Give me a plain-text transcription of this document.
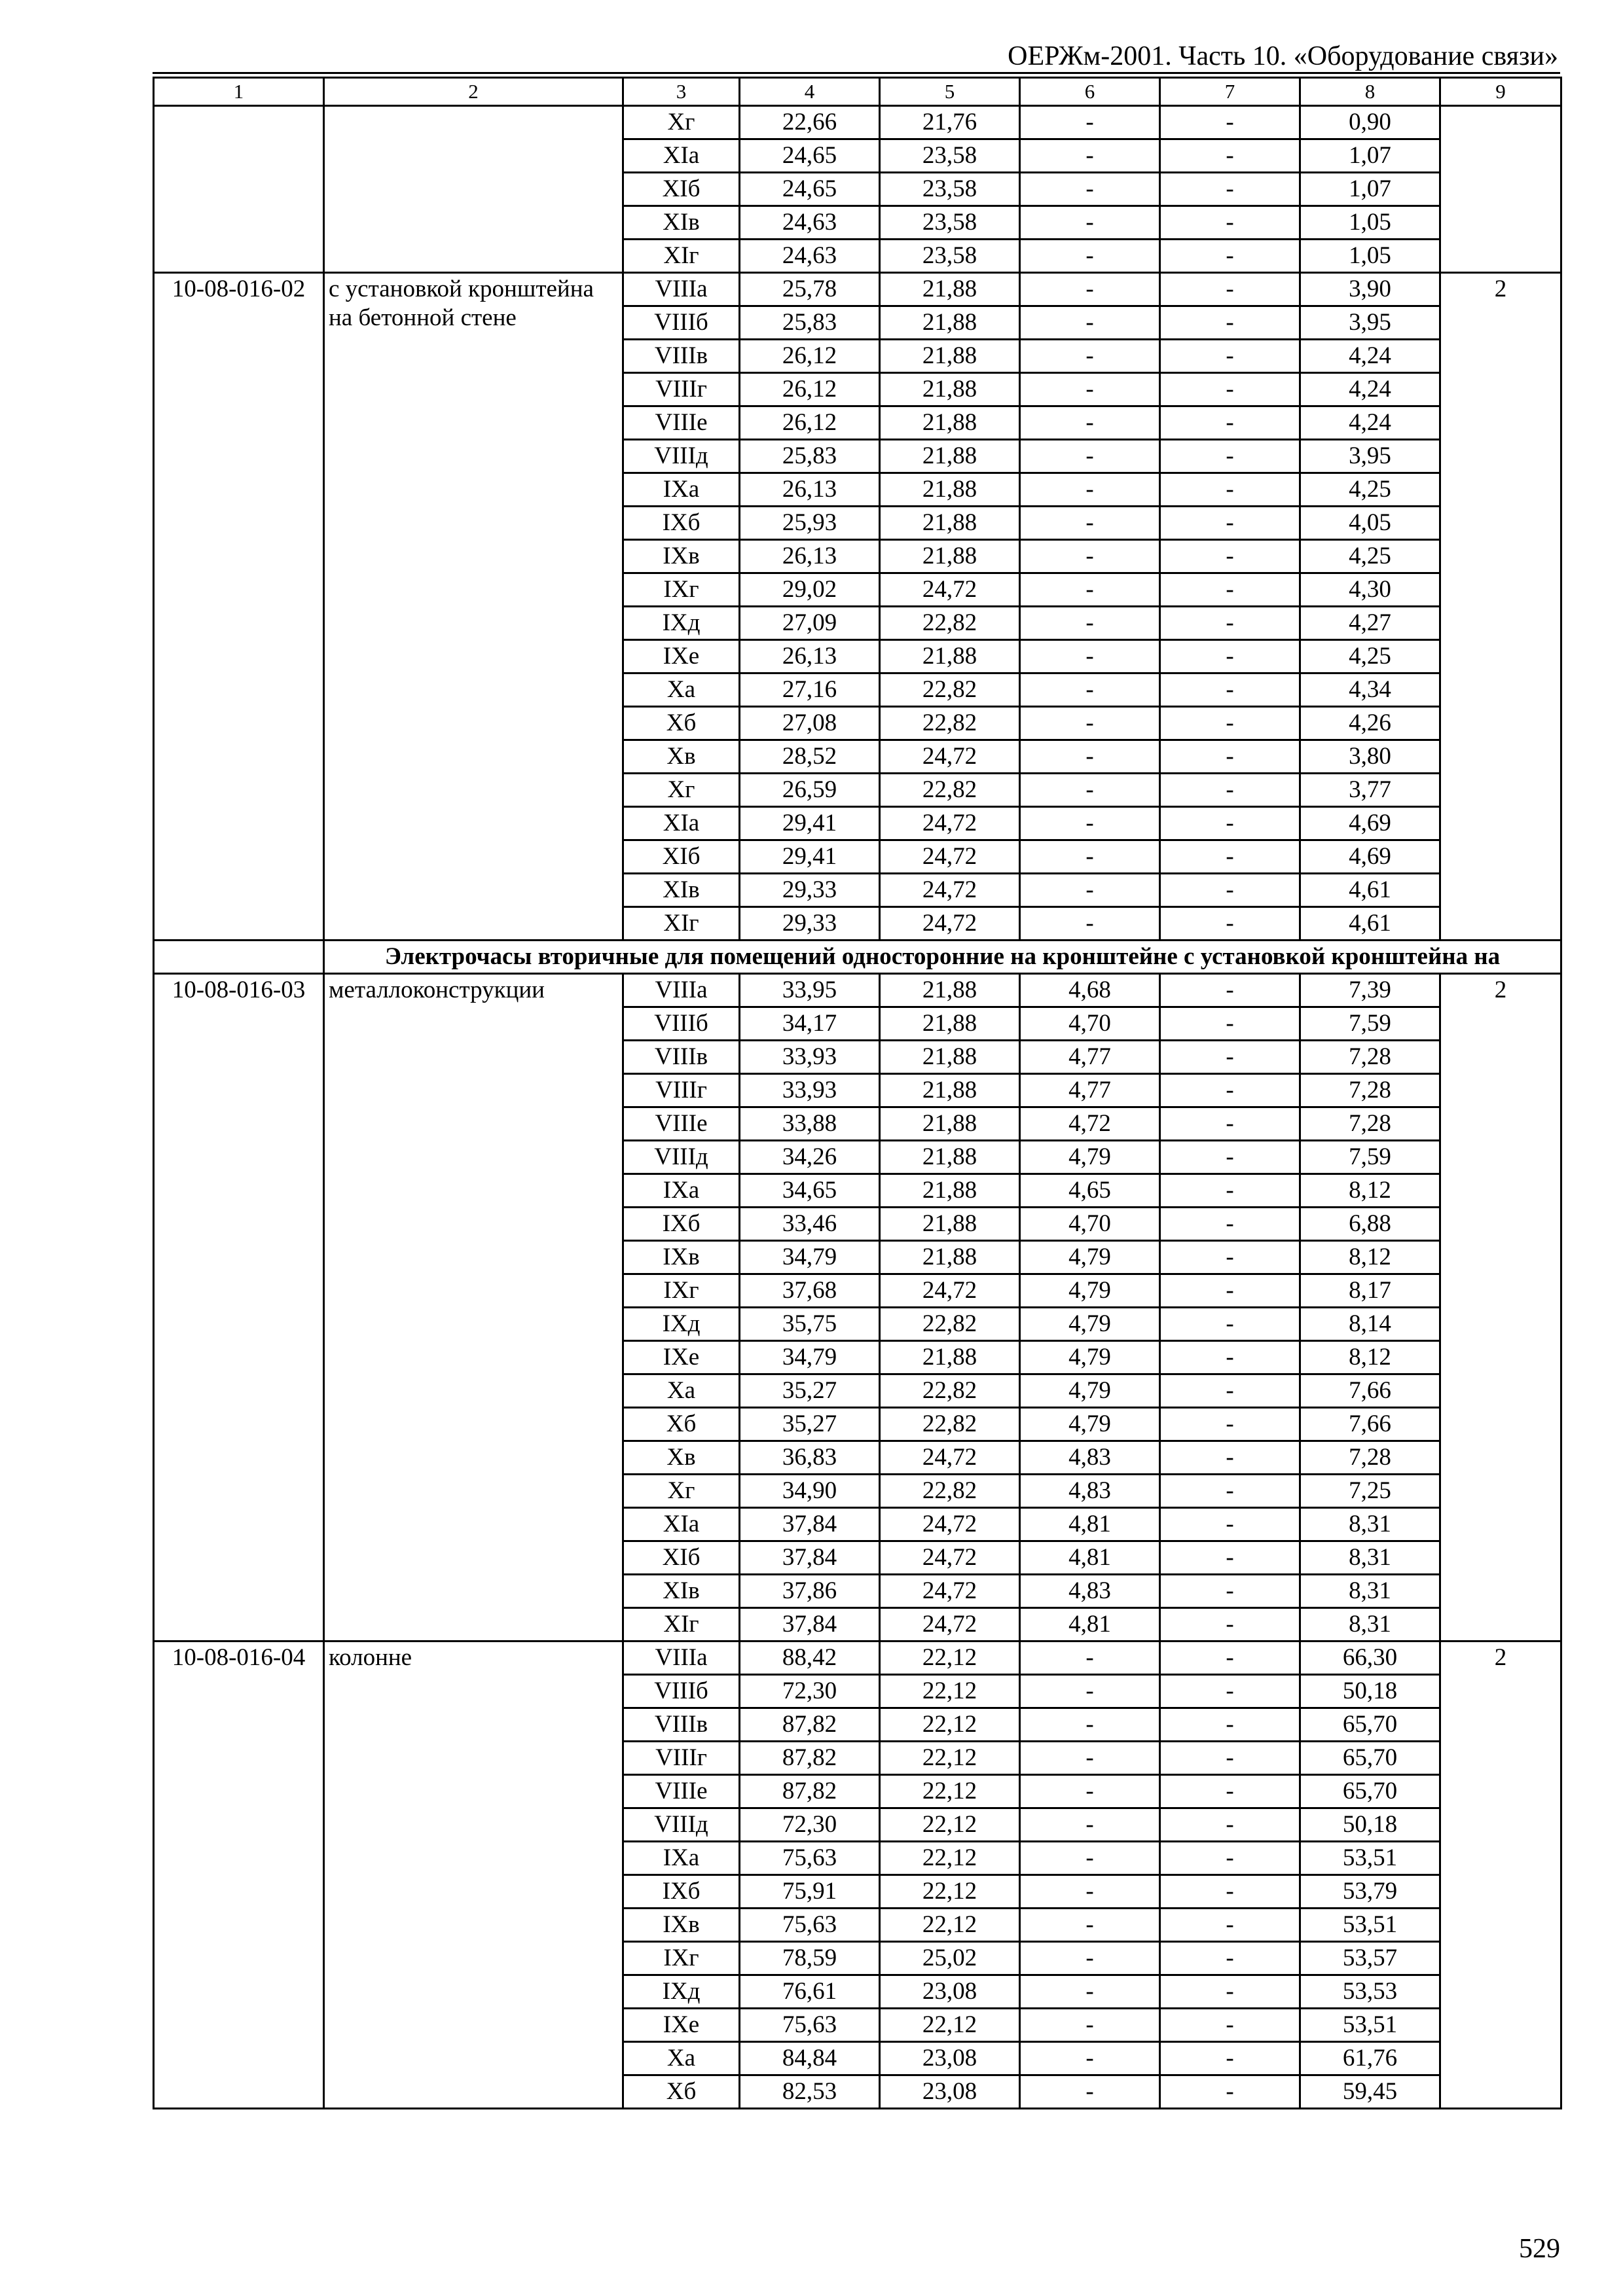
ОЕРЖм-2001. Часть 10. «Оборудование связи»
1	2	3	4	5	6	7	8	9
		Хг	22,66	21,76	-	-	0,90	
		ХIа	24,65	23,58	-	-	1,07	
		ХIб	24,65	23,58	-	-	1,07	
		ХIв	24,63	23,58	-	-	1,05	
		ХIг	24,63	23,58	-	-	1,05	
10-08-016-02	с установкой кронштейна на бетонной стене	VIIIа	25,78	21,88	-	-	3,90	2
		VIIIб	25,83	21,88	-	-	3,95	
		VIIIв	26,12	21,88	-	-	4,24	
		VIIIг	26,12	21,88	-	-	4,24	
		VIIIе	26,12	21,88	-	-	4,24	
		VIIIд	25,83	21,88	-	-	3,95	
		IХа	26,13	21,88	-	-	4,25	
		IХб	25,93	21,88	-	-	4,05	
		IХв	26,13	21,88	-	-	4,25	
		IХг	29,02	24,72	-	-	4,30	
		IХд	27,09	22,82	-	-	4,27	
		IХе	26,13	21,88	-	-	4,25	
		Ха	27,16	22,82	-	-	4,34	
		Хб	27,08	22,82	-	-	4,26	
		Хв	28,52	24,72	-	-	3,80	
		Хг	26,59	22,82	-	-	3,77	
		ХIа	29,41	24,72	-	-	4,69	
		ХIб	29,41	24,72	-	-	4,69	
		ХIв	29,33	24,72	-	-	4,61	
		ХIг	29,33	24,72	-	-	4,61	
	Электрочасы вторичные для помещений односторонние на кронштейне с установкой кронштейна на							
10-08-016-03	металлоконструкции	VIIIа	33,95	21,88	4,68	-	7,39	2
		VIIIб	34,17	21,88	4,70	-	7,59	
		VIIIв	33,93	21,88	4,77	-	7,28	
		VIIIг	33,93	21,88	4,77	-	7,28	
		VIIIе	33,88	21,88	4,72	-	7,28	
		VIIIд	34,26	21,88	4,79	-	7,59	
		IХа	34,65	21,88	4,65	-	8,12	
		IХб	33,46	21,88	4,70	-	6,88	
		IХв	34,79	21,88	4,79	-	8,12	
		IХг	37,68	24,72	4,79	-	8,17	
		IХд	35,75	22,82	4,79	-	8,14	
		IХе	34,79	21,88	4,79	-	8,12	
		Ха	35,27	22,82	4,79	-	7,66	
		Хб	35,27	22,82	4,79	-	7,66	
		Хв	36,83	24,72	4,83	-	7,28	
		Хг	34,90	22,82	4,83	-	7,25	
		ХIа	37,84	24,72	4,81	-	8,31	
		ХIб	37,84	24,72	4,81	-	8,31	
		ХIв	37,86	24,72	4,83	-	8,31	
		ХIг	37,84	24,72	4,81	-	8,31	
10-08-016-04	колонне	VIIIа	88,42	22,12	-	-	66,30	2
		VIIIб	72,30	22,12	-	-	50,18	
		VIIIв	87,82	22,12	-	-	65,70	
		VIIIг	87,82	22,12	-	-	65,70	
		VIIIе	87,82	22,12	-	-	65,70	
		VIIIд	72,30	22,12	-	-	50,18	
		IХа	75,63	22,12	-	-	53,51	
		IХб	75,91	22,12	-	-	53,79	
		IХв	75,63	22,12	-	-	53,51	
		IХг	78,59	25,02	-	-	53,57	
		IХд	76,61	23,08	-	-	53,53	
		IХе	75,63	22,12	-	-	53,51	
		Ха	84,84	23,08	-	-	61,76	
		Хб	82,53	23,08	-	-	59,45	
529
